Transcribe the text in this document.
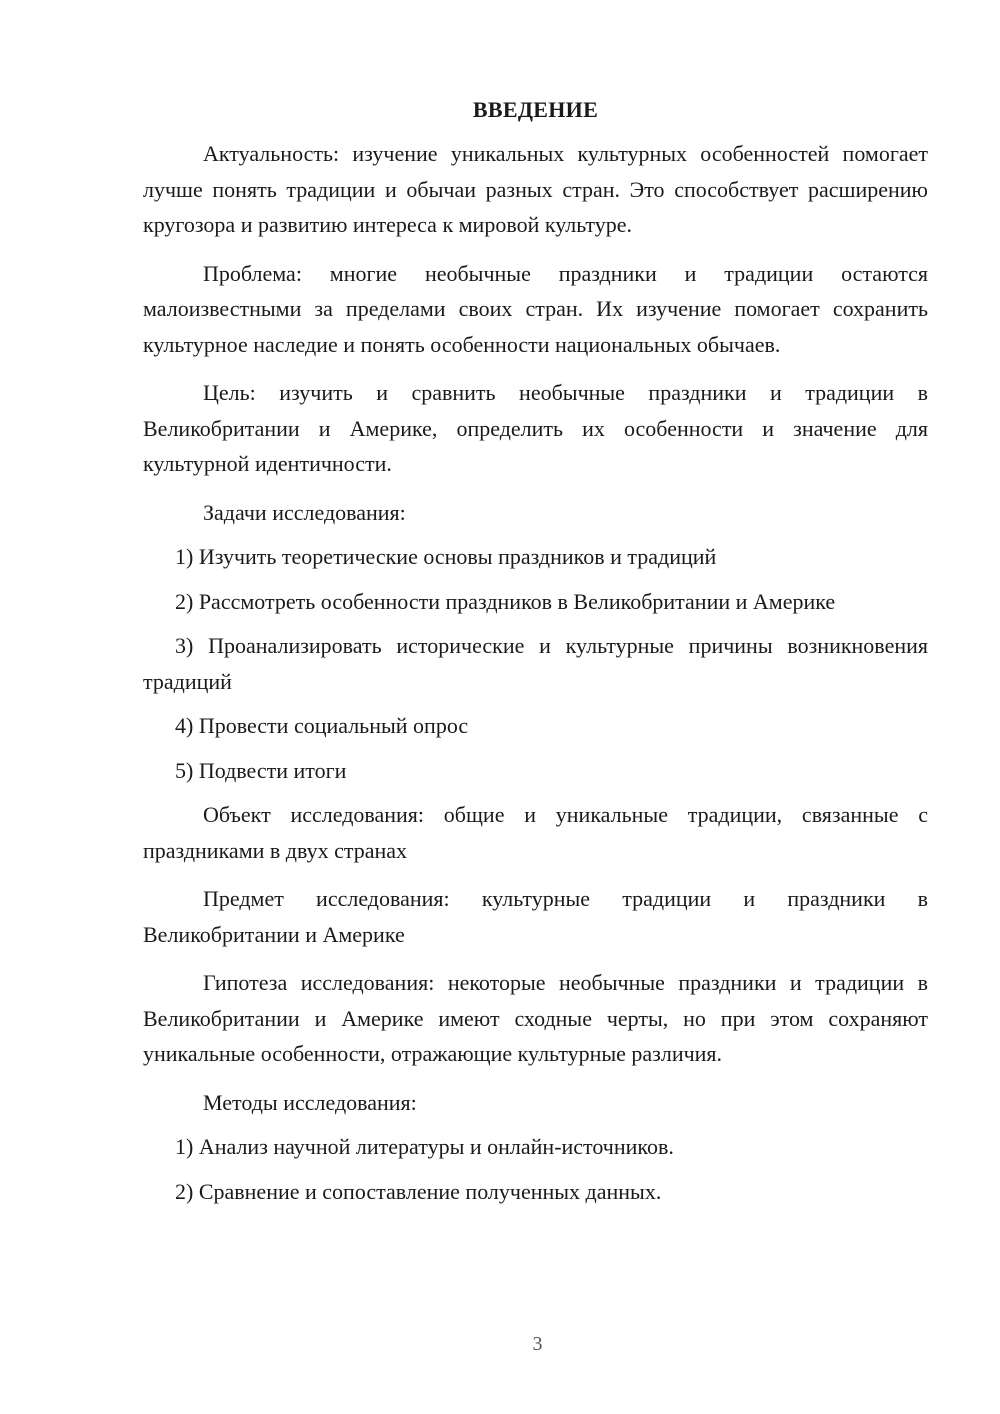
ВВЕДЕНИЕ

Актуальность: изучение уникальных культурных особенностей помогает лучше понять традиции и обычаи разных стран. Это способствует расширению кругозора и развитию интереса к мировой культуре.

Проблема: многие необычные праздники и традиции остаются малоизвестными за пределами своих стран. Их изучение помогает сохранить культурное наследие и понять особенности национальных обычаев.

Цель: изучить и сравнить необычные праздники и традиции в Великобритании и Америке, определить их особенности и значение для культурной идентичности.

Задачи исследования:

1) Изучить теоретические основы праздников и традиций

2) Рассмотреть особенности праздников в Великобритании и Америке

3) Проанализировать исторические и культурные причины возникновения традиций

4) Провести социальный опрос

5) Подвести итоги

Объект исследования: общие и уникальные традиции, связанные с праздниками в двух странах

Предмет исследования: культурные традиции и праздники в Великобритании и Америке

Гипотеза исследования: некоторые необычные праздники и традиции в Великобритании и Америке имеют сходные черты, но при этом сохраняют уникальные особенности, отражающие культурные различия.

Методы исследования:

1) Анализ научной литературы и онлайн-источников.

2) Сравнение и сопоставление полученных данных.

3
